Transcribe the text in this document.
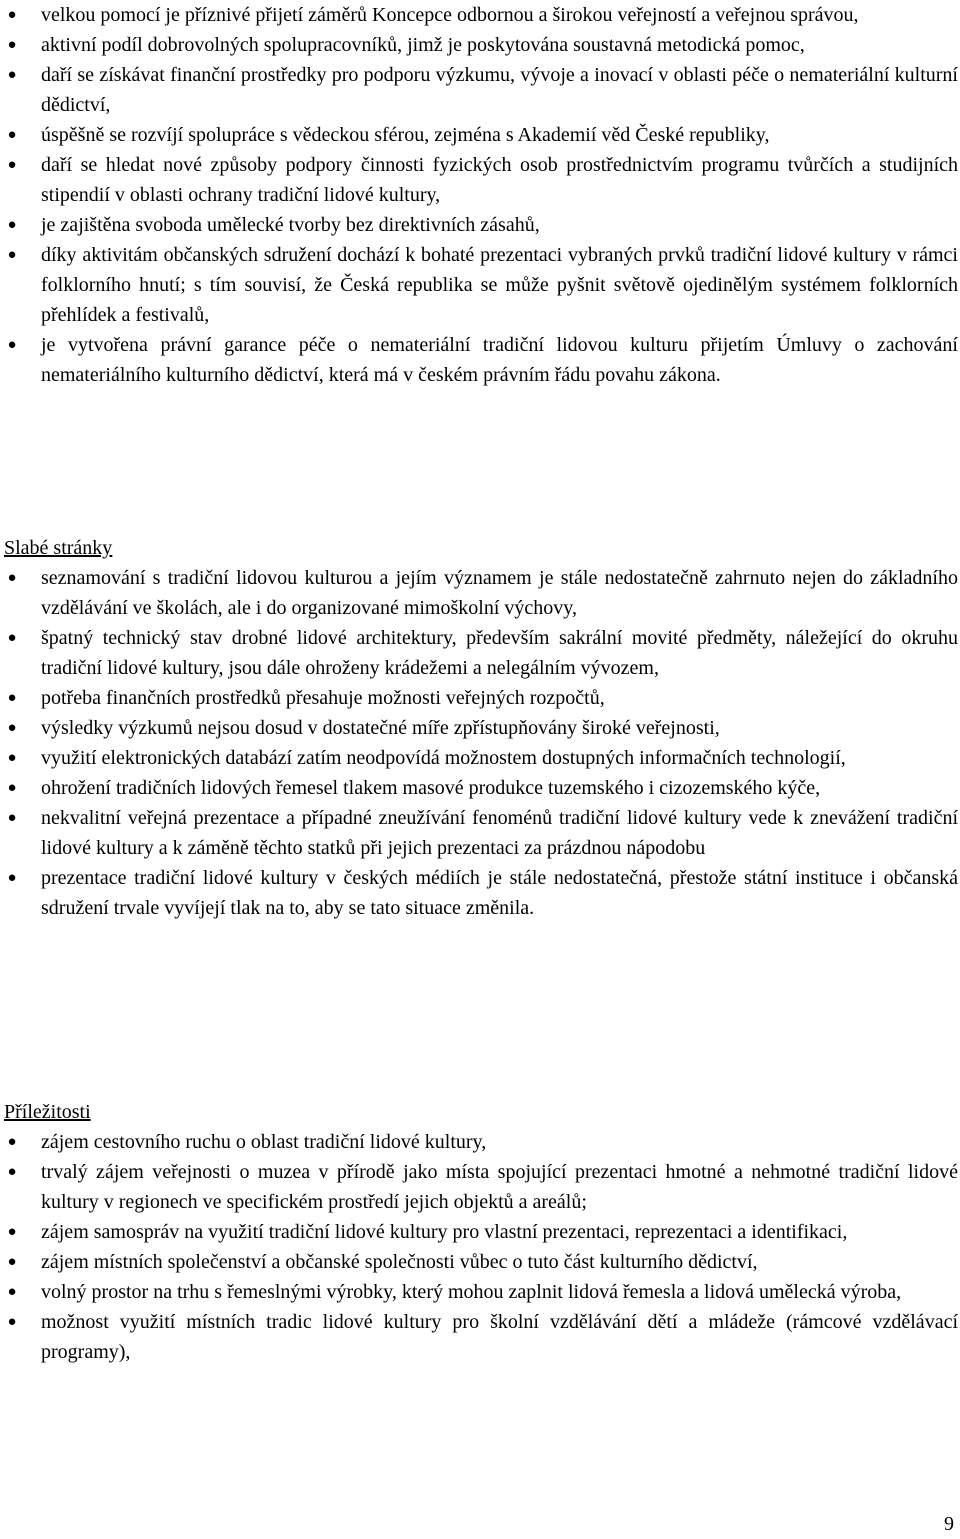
● velkou pomocí je příznivé přijetí záměrů Koncepce odbornou a širokou veřejností a veřejnou správou,
● aktivní podíl dobrovolných spolupracovníků, jimž je poskytována soustavná metodická pomoc,
● daří se získávat finanční prostředky pro podporu výzkumu, vývoje a inovací v oblasti péče o nemateriální kulturní dědictví,
● úspěšně se rozvíjí spolupráce s vědeckou sférou, zejména s Akademií věd České republiky,
● daří se hledat nové způsoby podpory činnosti fyzických osob prostřednictvím programu tvůrčích a studijních stipendií v oblasti ochrany tradiční lidové kultury,
● je zajištěna svoboda umělecké tvorby bez direktivních zásahů,
● díky aktivitám občanských sdružení dochází k bohaté prezentaci vybraných prvků tradiční lidové kultury v rámci folklorního hnutí; s tím souvisí, že Česká republika se může pyšnit světově ojedinělým systémem folklorních přehlídek a festivalů,
● je vytvořena právní garance péče o nemateriální tradiční lidovou kulturu přijetím Úmluvy o zachování nemateriálního kulturního dědictví, která má v českém právním řádu povahu zákona.
Slabé stránky
● seznamování s tradiční lidovou kulturou a jejím významem je stále nedostatečně zahrnuto nejen do základního vzdělávání ve školách, ale i do organizované mimoškolní výchovy,
● špatný technický stav drobné lidové architektury, především sakrální movité předměty, náležející do okruhu tradiční lidové kultury, jsou dále ohroženy krádežemi a nelegálním vývozem,
● potřeba finančních prostředků přesahuje možnosti veřejných rozpočtů,
● výsledky výzkumů nejsou dosud v dostatečné míře zpřístupňovány široké veřejnosti,
● využití elektronických databází zatím neodpovídá možnostem dostupných informačních technologií,
● ohrožení tradičních lidových řemesel tlakem masové produkce tuzemského i cizozemského kýče,
● nekvalitní veřejná prezentace a případné zneužívání fenoménů tradiční lidové kultury vede k znevážení tradiční lidové kultury a k záměně těchto statků při jejich prezentaci za prázdnou nápodobu
● prezentace tradiční lidové kultury v českých médiích je stále nedostatečná, přestože státní instituce i občanská sdružení trvale vyvíjejí tlak na to, aby se tato situace změnila.
Příležitosti
● zájem cestovního ruchu o oblast tradiční lidové kultury,
● trvalý zájem veřejnosti o muzea v přírodě jako místa spojující prezentaci hmotné a nehmotné tradiční lidové kultury v regionech ve specifickém prostředí jejich objektů a areálů;
● zájem samospráv na využití tradiční lidové kultury pro vlastní prezentaci, reprezentaci a identifikaci,
● zájem místních společenství a občanské společnosti vůbec o tuto část kulturního dědictví,
● volný prostor na trhu s řemeslnými výrobky, který mohou zaplnit lidová řemesla a lidová umělecká výroba,
● možnost využití místních tradic lidové kultury pro školní vzdělávání dětí a mládeže (rámcové vzdělávací programy),
9
